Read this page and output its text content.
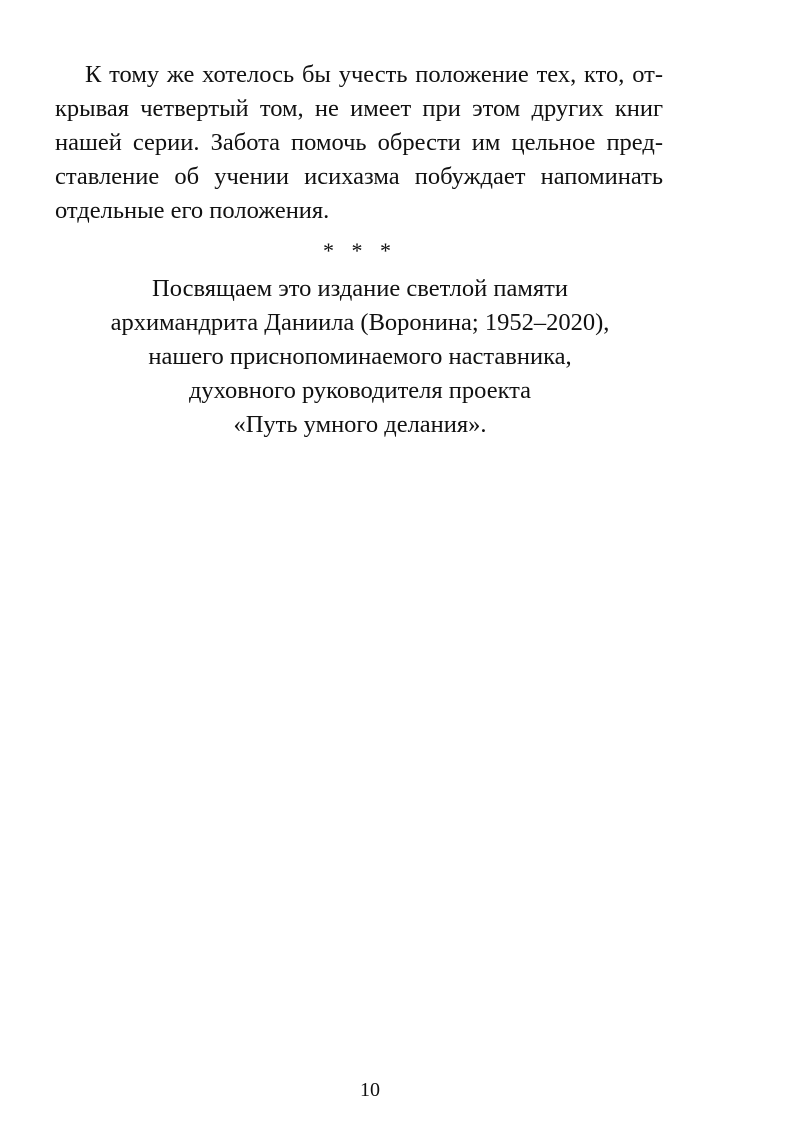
К тому же хотелось бы учесть положение тех, кто, от-
крывая четвертый том, не имеет при этом других книг
нашей серии. Забота помочь обрести им цельное пред-
ставление об учении исихазма побуждает напоминать
отдельные его положения.

* * *

Посвящаем это издание светлой памяти
архимандрита Даниила (Воронина; 1952–2020),
нашего приснопоминаемого наставника,
духовного руководителя проекта
«Путь умного делания».

10
